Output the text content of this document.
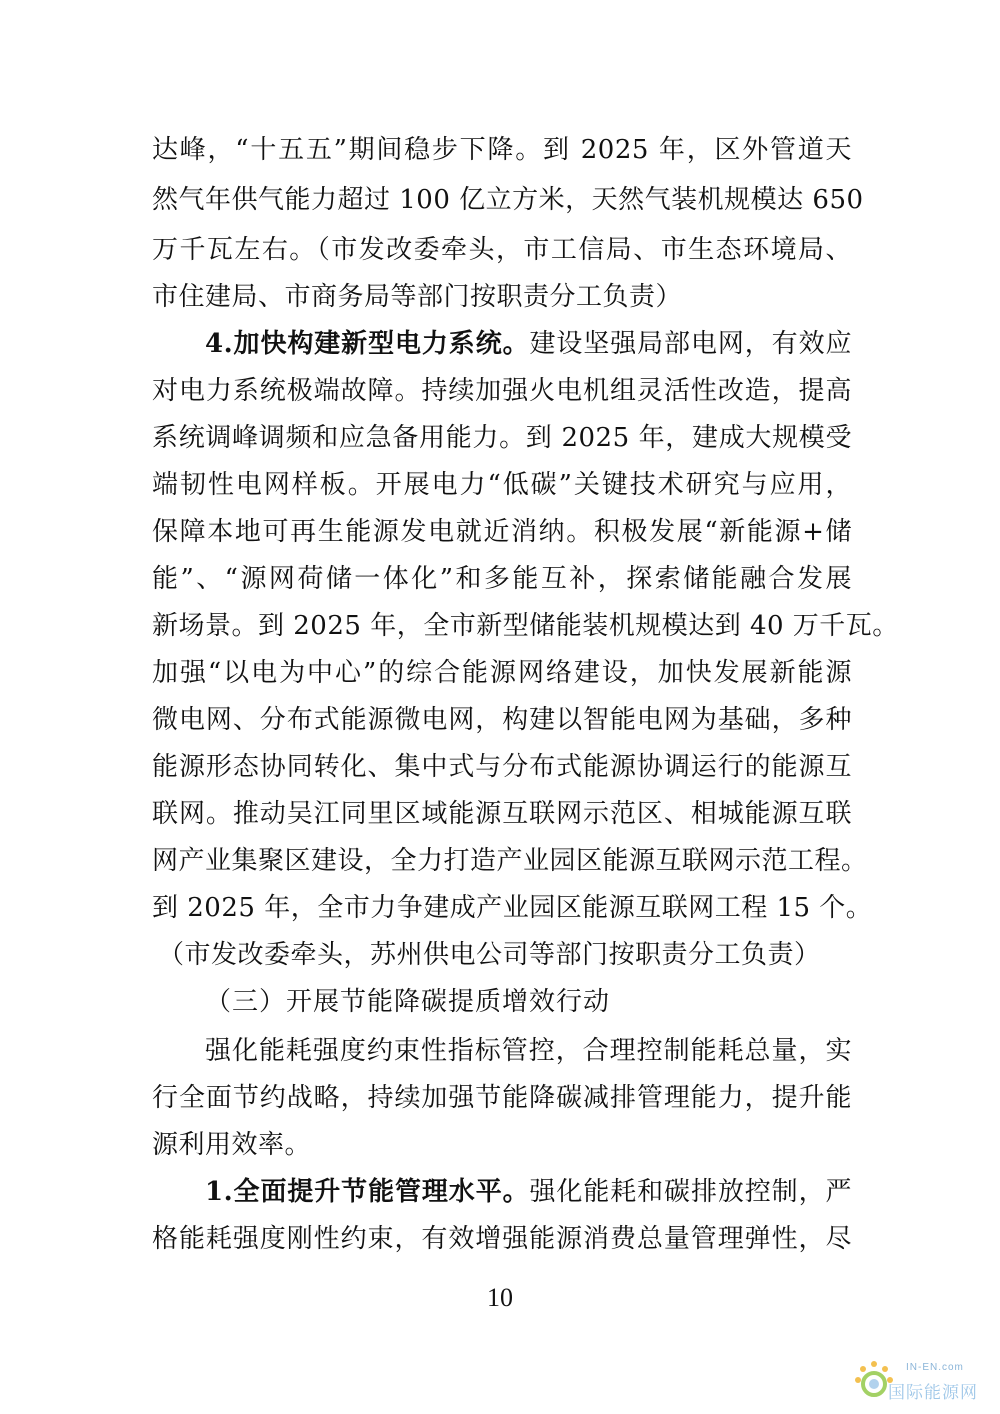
达峰，“十五五”期间稳步下降。到 2025 年，区外管道天
然气年供气能力超过 100 亿立方米，天然气装机规模达 650
万千瓦左右。（市发改委牵头，市工信局、市生态环境局、
市住建局、市商务局等部门按职责分工负责）
4.加快构建新型电力系统。建设坚强局部电网，有效应
对电力系统极端故障。持续加强火电机组灵活性改造，提高
系统调峰调频和应急备用能力。到 2025 年，建成大规模受
端韧性电网样板。开展电力“低碳”关键技术研究与应用，
保障本地可再生能源发电就近消纳。积极发展“新能源+储
能”、“源网荷储一体化”和多能互补，探索储能融合发展
新场景。到 2025 年，全市新型储能装机规模达到 40 万千瓦。
加强“以电为中心”的综合能源网络建设，加快发展新能源
微电网、分布式能源微电网，构建以智能电网为基础，多种
能源形态协同转化、集中式与分布式能源协调运行的能源互
联网。推动吴江同里区域能源互联网示范区、相城能源互联
网产业集聚区建设，全力打造产业园区能源互联网示范工程。
到 2025 年，全市力争建成产业园区能源互联网工程 15 个。
（市发改委牵头，苏州供电公司等部门按职责分工负责）
（三）开展节能降碳提质增效行动
强化能耗强度约束性指标管控，合理控制能耗总量，实
行全面节约战略，持续加强节能降碳减排管理能力，提升能
源利用效率。
1.全面提升节能管理水平。强化能耗和碳排放控制，严
格能耗强度刚性约束，有效增强能源消费总量管理弹性，尽
10
IN-EN.com
国际能源网
